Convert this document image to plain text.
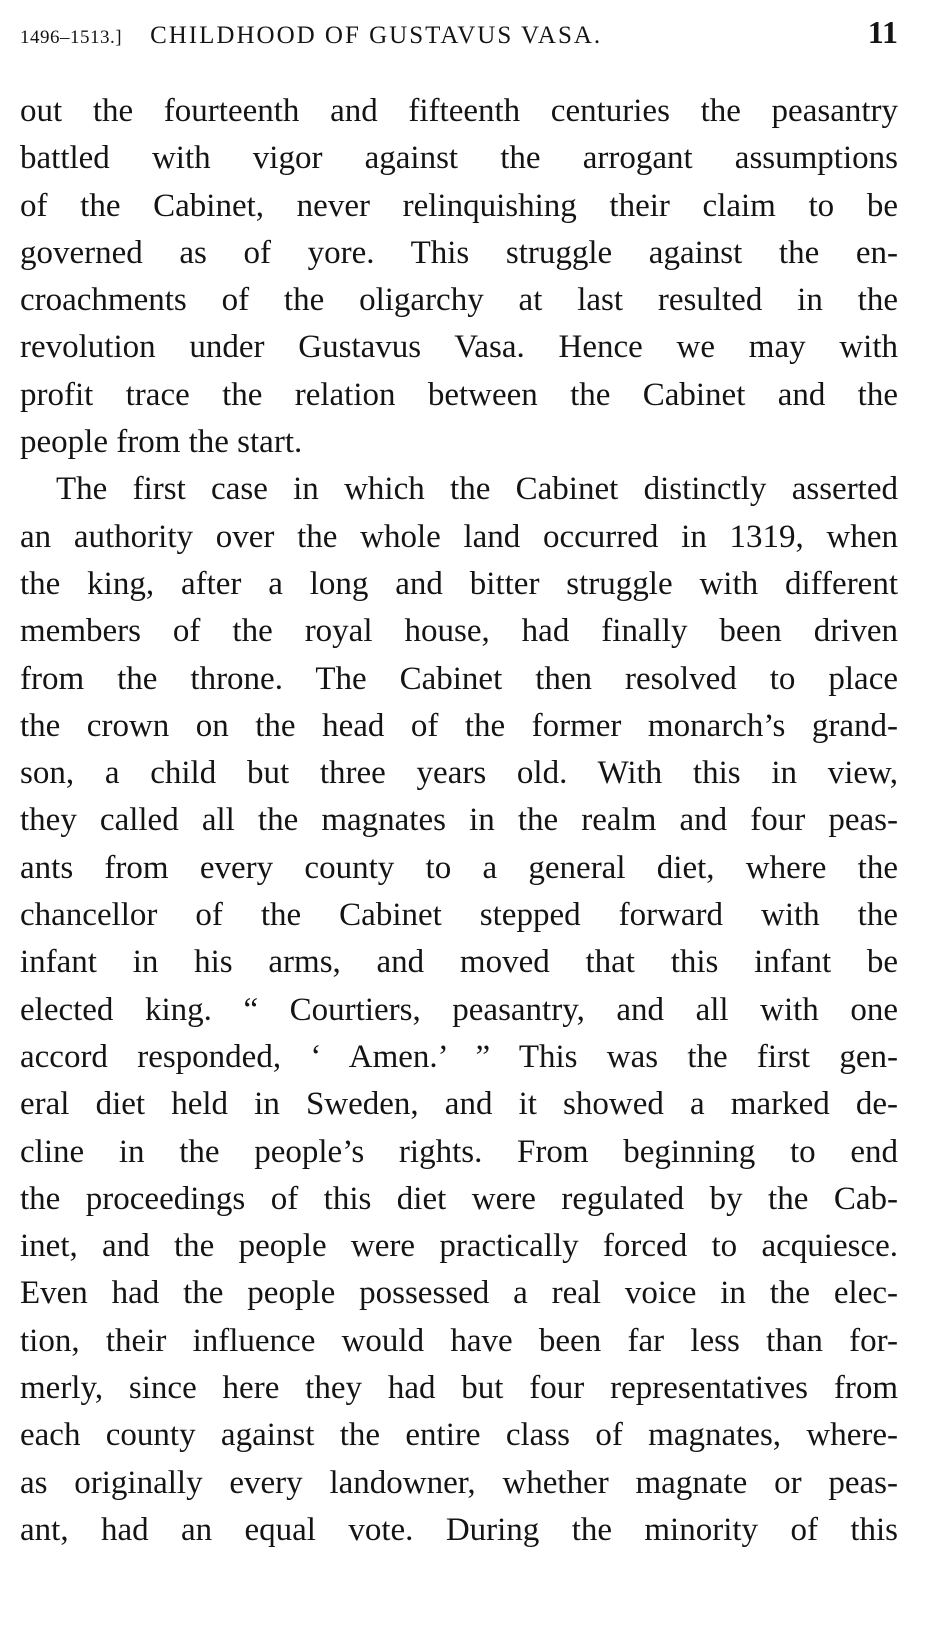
1496–1513.] CHILDHOOD OF GUSTAVUS VASA.	11
out the fourteenth and fifteenth centuries the peasantry
battled with vigor against the arrogant assumptions
of the Cabinet, never relinquishing their claim to be
governed as of yore. This struggle against the en-
croachments of the oligarchy at last resulted in the
revolution under Gustavus Vasa. Hence we may with
profit trace the relation between the Cabinet and the
people from the start.
The first case in which the Cabinet distinctly asserted
an authority over the whole land occurred in 1319, when
the king, after a long and bitter struggle with different
members of the royal house, had finally been driven
from the throne. The Cabinet then resolved to place
the crown on the head of the former monarch’s grand-
son, a child but three years old. With this in view,
they called all the magnates in the realm and four peas-
ants from every county to a general diet, where the
chancellor of the Cabinet stepped forward with the
infant in his arms, and moved that this infant be
elected king. “ Courtiers, peasantry, and all with one
accord responded, ‘ Amen.’ ” This was the first gen-
eral diet held in Sweden, and it showed a marked de-
cline in the people’s rights. From beginning to end
the proceedings of this diet were regulated by the Cab-
inet, and the people were practically forced to acquiesce.
Even had the people possessed a real voice in the elec-
tion, their influence would have been far less than for-
merly, since here they had but four representatives from
each county against the entire class of magnates, where-
as originally every landowner, whether magnate or peas-
ant, had an equal vote. During the minority of this
